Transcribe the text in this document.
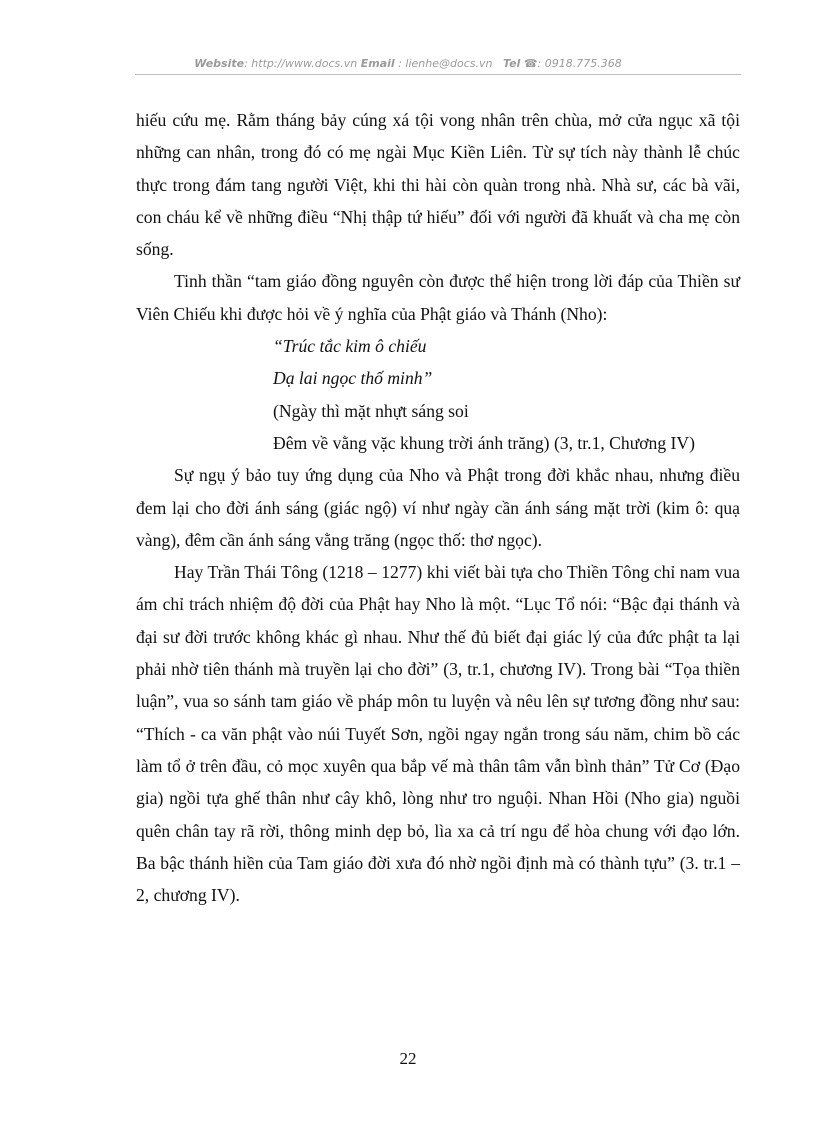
Website: http://www.docs.vn Email : lienhe@docs.vn Tel ☎: 0918.775.368

hiếu cứu mẹ. Rằm tháng bảy cúng xá tội vong nhân trên chùa, mở cửa ngục xã tội những can nhân, trong đó có mẹ ngài Mục Kiền Liên. Từ sự tích này thành lễ chúc thực trong đám tang người Việt, khi thi hài còn quàn trong nhà. Nhà sư, các bà vãi, con cháu kể về những điều “Nhị thập tứ hiếu” đối với người đã khuất và cha mẹ còn sống.

Tinh thần “tam giáo đồng nguyên còn được thể hiện trong lời đáp của Thiền sư Viên Chiếu khi được hỏi về ý nghĩa của Phật giáo và Thánh (Nho):

“Trúc tắc kim ô chiếu
Dạ lai ngọc thố minh”
(Ngày thì mặt nhựt sáng soi
Đêm về vằng vặc khung trời ánh trăng) (3, tr.1, Chương IV)

Sự ngụ ý bảo tuy ứng dụng của Nho và Phật trong đời khắc nhau, nhưng điều đem lại cho đời ánh sáng (giác ngộ) ví như ngày cần ánh sáng mặt trời (kim ô: quạ vàng), đêm cần ánh sáng vằng trăng (ngọc thố: thơ ngọc).

Hay Trần Thái Tông (1218 – 1277) khi viết bài tựa cho Thiền Tông chỉ nam vua ám chỉ trách nhiệm độ đời của Phật hay Nho là một. “Lục Tổ nói: “Bậc đại thánh và đại sư đời trước không khác gì nhau. Như thế đủ biết đại giác lý của đức phật ta lại phải nhờ tiên thánh mà truyền lại cho đời” (3, tr.1, chương IV). Trong bài “Tọa thiền luận”, vua so sánh tam giáo về pháp môn tu luyện và nêu lên sự tương đồng như sau: “Thích - ca văn phật vào núi Tuyết Sơn, ngồi ngay ngắn trong sáu năm, chim bồ các làm tổ ở trên đầu, cỏ mọc xuyên qua bắp vế mà thân tâm vẫn bình thản” Tử Cơ (Đạo gia) ngồi tựa ghế thân như cây khô, lòng như tro nguội. Nhan Hồi (Nho gia) nguồi quên chân tay rã rời, thông minh dẹp bỏ, lìa xa cả trí ngu để hòa chung với đạo lớn. Ba bậc thánh hiền của Tam giáo đời xưa đó nhờ ngồi định mà có thành tựu” (3. tr.1 – 2, chương IV).

22
